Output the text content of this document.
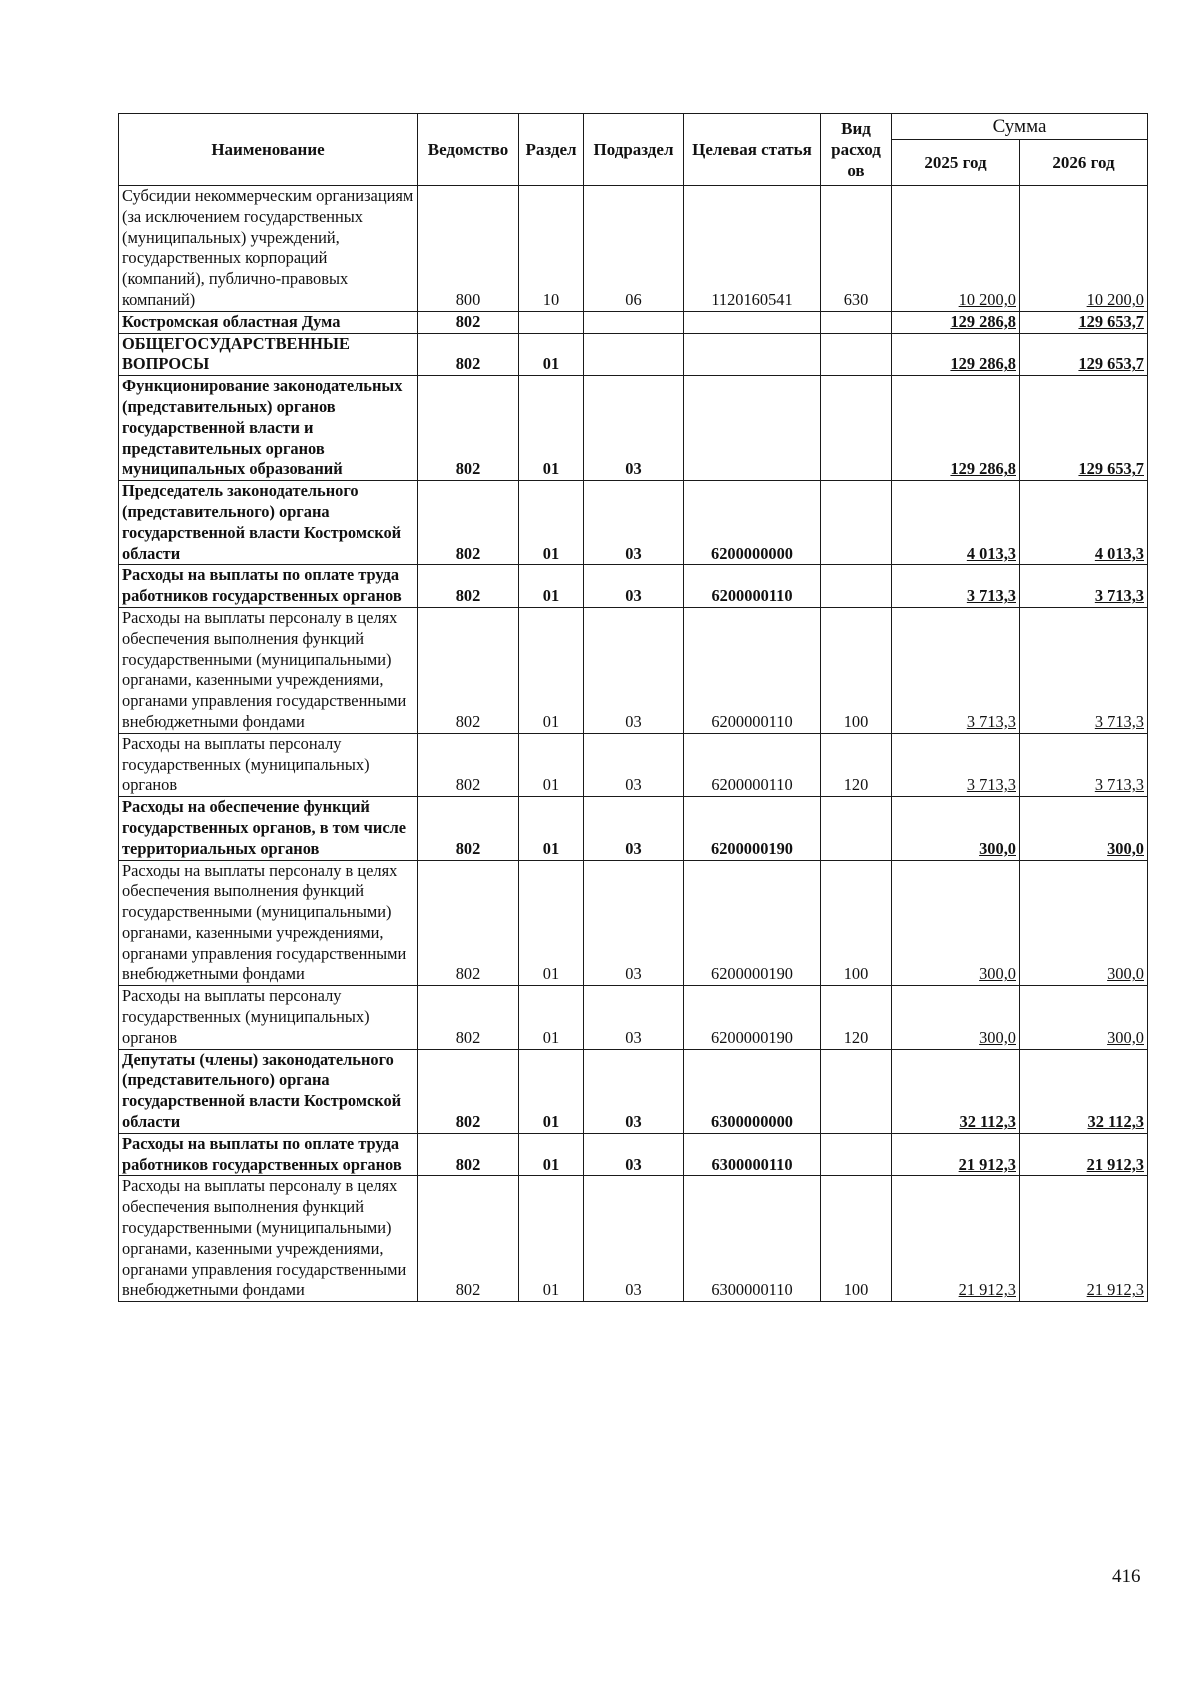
Наименование	Ведомство	Раздел	Подраздел	Целевая статья	Вид расход ов	Сумма	
						2025 год	2026 год
Субсидии некоммерческим организациям (за исключением государственных (муниципальных) учреждений, государственных корпораций (компаний), публично-правовых компаний)	800	10	06	1120160541	630	10 200,0	10 200,0
Костромская областная Дума	802					129 286,8	129 653,7
ОБЩЕГОСУДАРСТВЕННЫЕ ВОПРОСЫ	802	01				129 286,8	129 653,7
Функционирование законодательных (представительных) органов государственной власти и представительных органов муниципальных образований	802	01	03			129 286,8	129 653,7
Председатель законодательного (представительного) органа государственной власти Костромской области	802	01	03	6200000000		4 013,3	4 013,3
Расходы на выплаты по оплате труда работников государственных органов	802	01	03	6200000110		3 713,3	3 713,3
Расходы на выплаты персоналу в целях обеспечения выполнения функций государственными (муниципальными) органами, казенными учреждениями, органами управления государственными внебюджетными фондами	802	01	03	6200000110	100	3 713,3	3 713,3
Расходы на выплаты персоналу государственных (муниципальных) органов	802	01	03	6200000110	120	3 713,3	3 713,3
Расходы на обеспечение функций государственных органов, в том числе территориальных органов	802	01	03	6200000190		300,0	300,0
Расходы на выплаты персоналу в целях обеспечения выполнения функций государственными (муниципальными) органами, казенными учреждениями, органами управления государственными внебюджетными фондами	802	01	03	6200000190	100	300,0	300,0
Расходы на выплаты персоналу государственных (муниципальных) органов	802	01	03	6200000190	120	300,0	300,0
Депутаты (члены) законодательного (представительного) органа государственной власти Костромской области	802	01	03	6300000000		32 112,3	32 112,3
Расходы на выплаты по оплате труда работников государственных органов	802	01	03	6300000110		21 912,3	21 912,3
Расходы на выплаты персоналу в целях обеспечения выполнения функций государственными (муниципальными) органами, казенными учреждениями, органами управления государственными внебюджетными фондами	802	01	03	6300000110	100	21 912,3	21 912,3
416
